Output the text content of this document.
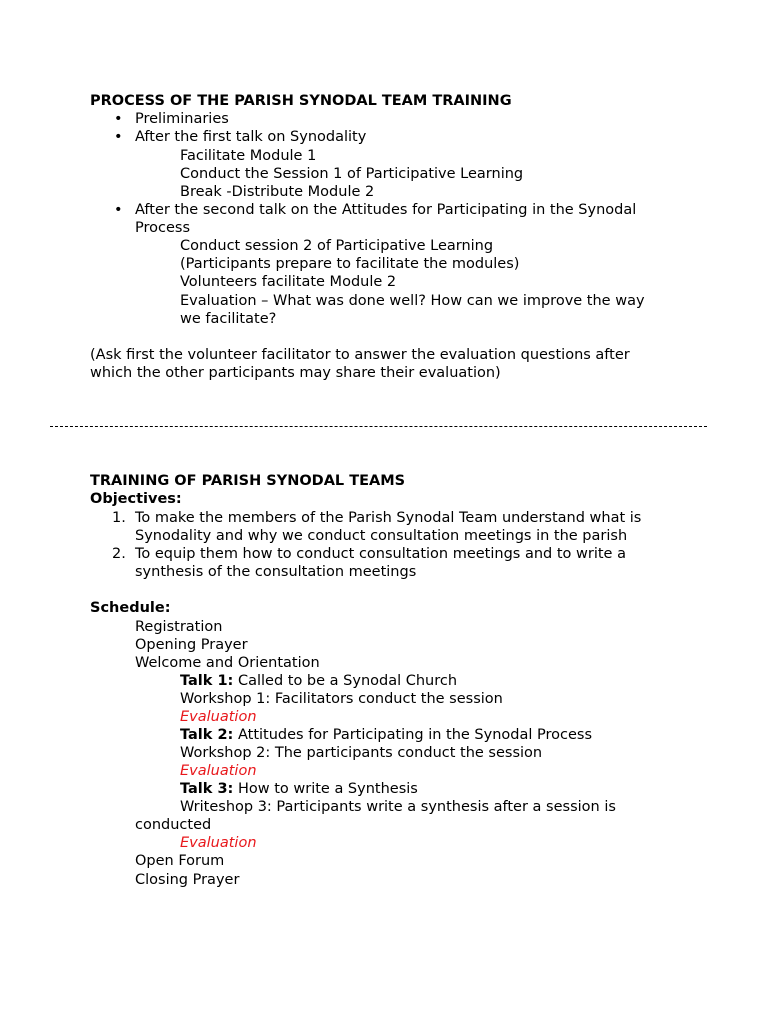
PROCESS OF THE PARISH SYNODAL TEAM TRAINING
• Preliminaries
• After the first talk on Synodality
Facilitate Module 1
Conduct the Session 1 of Participative Learning
Break -Distribute Module 2
• After the second talk on the Attitudes for Participating in the Synodal
Process
Conduct session 2 of Participative Learning
(Participants prepare to facilitate the modules)
Volunteers facilitate Module 2
Evaluation – What was done well? How can we improve the way
we facilitate?
(Ask first the volunteer facilitator to answer the evaluation questions after
which the other participants may share their evaluation)
TRAINING OF PARISH SYNODAL TEAMS
Objectives:
1. To make the members of the Parish Synodal Team understand what is
Synodality and why we conduct consultation meetings in the parish
2. To equip them how to conduct consultation meetings and to write a
synthesis of the consultation meetings
Schedule:
Registration
Opening Prayer
Welcome and Orientation
Talk 1: Called to be a Synodal Church
Workshop 1: Facilitators conduct the session
Evaluation
Talk 2: Attitudes for Participating in the Synodal Process
Workshop 2: The participants conduct the session
Evaluation
Talk 3: How to write a Synthesis
Writeshop 3: Participants write a synthesis after a session is
conducted
Evaluation
Open Forum
Closing Prayer
